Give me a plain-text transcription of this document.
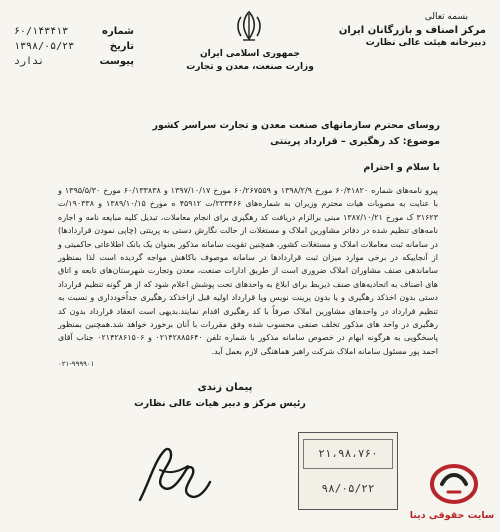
بسمه تعالی
مرکز اصناف و بازرگانان ایران
دبیرخانه هیئت عالی نظارت
جمهوری اسلامی ایران
وزارت صنعت، معدن و تجارت
شماره
۶۰/۱۴۳۴۱۳
تاریخ
۱۳۹۸/۰۵/۲۳
پیوست
ندارد
روسای محترم سازمانهای صنعت معدن و تجارت سراسر کشور
موضوع: کد رهگیری – قرارداد پرینتی
با سلام و احترام

پیرو نامه‌های شماره ۶۰/۴۱۸۲۰ مورخ ۱۳۹۸/۲/۹ و ۶۰/۲۶۷۵۵۹ مورخ ۱۳۹۷/۱۰/۱۷ و ۶۰/۱۳۳۸۳۸ مورخ ۱۳۹۵/۵/۳۰ و با عنایت به مصوبات هیات محترم وزیران به شماره‌های ۲۳۳۴۶۶/ت ۴۵۹۱۲ ه مورخ ۱۳۸۹/۱۰/۱۵ و ۱۹۰۳۳۸/ت ۳۱۶۲۳ ک مورخ ۱۳۸۷/۱۰/۲۱ مبنی برالزام دریافت کد رهگیری برای انجام معاملات، تبدیل کلیه مبایعه نامه و اجاره نامه‌های تنظیم شده در دفاتر مشاورین املاک و مستغلات از حالت نگارش دستی به پرینتی (چاپی نمودن قراردادها) در سامانه ثبت معاملات املاک و مستغلات کشور، همچنین تقویت سامانه مذکور بعنوان یک بانک اطلاعاتی حاکمیتی و از آنجاییکه در برخی موارد میزان ثبت قراردادها در سامانه موصوف باکاهش مواجه گردیده است لذا بمنظور ساماندهی صنف مشاوران املاک ضروری است از طریق ادارات صنعت، معدن وتجارت شهرستان‌های تابعه و اتاق های اصناف به اتحادیه‌های صنف ذیربط برای ابلاغ به واحدهای تحت پوشش اعلام شود که از هر گونه تنظیم قرارداد دستی بدون اخذکد رهگیری و یا بدون پرینت نویس ویا قرارداد اولیه قبل ازاخذکد رهگیری جداًخودداری و نسبت به تنظیم قرارداد در واحدهای مشاورین املاک صرفاً با کد رهگیری اقدام نمایند.بدیهی است انعقاد قرارداد بدون کد رهگیری در واحد های مذکور تخلف صنفی محسوب شده وفق مقررات با آنان برخورد خواهد شد.همچنین بمنظور پاسخگویی به هرگونه ابهام در خصوص سامانه مذکور با شماره تلفن ۰۲۱۴۲۸۸۵۶۴۰ و ۰۲۱۴۲۸۶۱۵۰۶ جناب آقای احمد پور مسئول سامانه املاک شرکت راهبر هماهنگی لازم بعمل آید.

۰۲۱-۹۹۹۹۰۱

پیمان زندی
رئیس مرکز و دبیر هیات عالی نظارت
۲۱،۹۸،۷۶۰
۹۸/۰۵/۲۲
سایت حقوقی دینا
